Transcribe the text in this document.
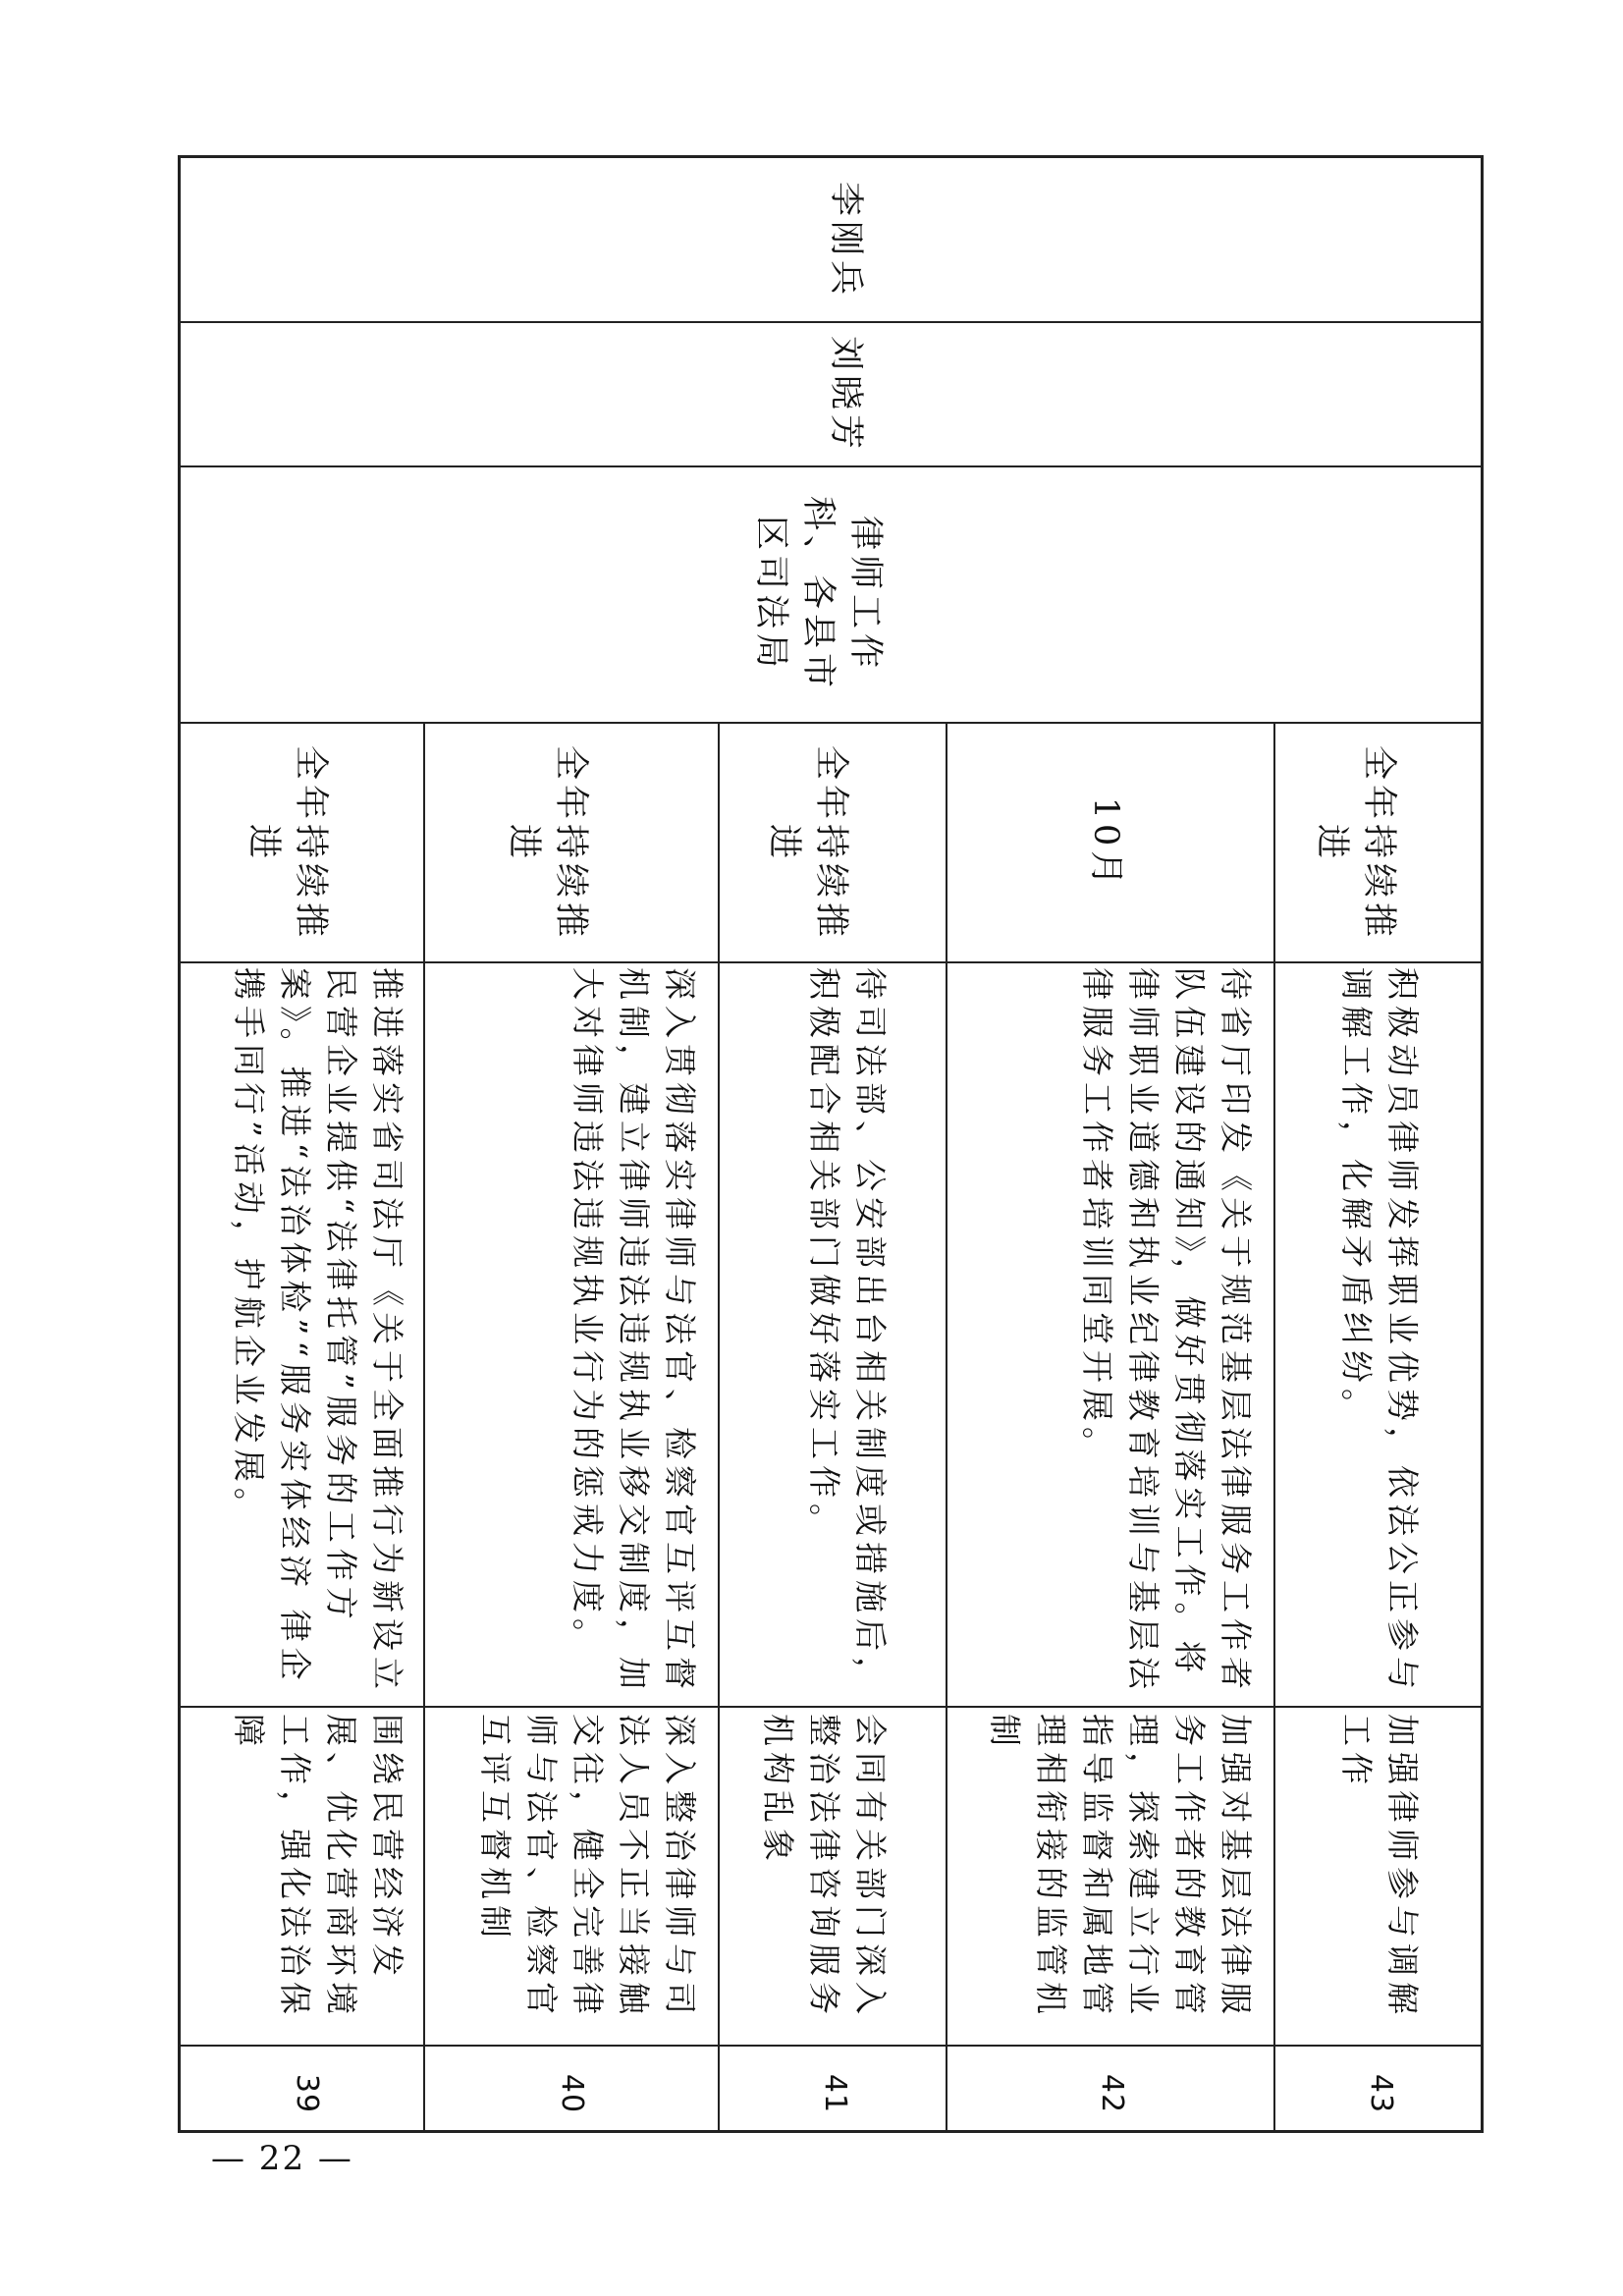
李刚兵
刘晓芳
律师工作科、各县市区司法局
全年持续推进
推进落实省司法厅《关于全面推行为新设立民营企业提供“法律托管”服务的工作方案》。推进“法治体检”“服务实体经济 律企携手同行”活动，护航企业发展。
围绕民营经济发展、优化营商环境工作，强化法治保障
39
全年持续推进
深入贯彻落实律师与法官、检察官互评互督机制，建立律师违法违规执业移交制度，加大对律师违法违规执业行为的惩戒力度。
深入整治律师与司法人员不正当接触交往，健全完善律师与法官、检察官互评互督机制
40
全年持续推进
待司法部、公安部出台相关制度或措施后，积极配合相关部门做好落实工作。
会同有关部门深入整治法律咨询服务机构乱象
41
10月
待省厅印发《关于规范基层法律服务工作者队伍建设的通知》，做好贯彻落实工作。将律师职业道德和执业纪律教育培训与基层法律服务工作者培训同堂开展。
加强对基层法律服务工作者的教育管理，探索建立行业指导监督和属地管理相衔接的监管机制
42
全年持续推进
积极动员律师发挥职业优势，依法公正参与调解工作，化解矛盾纠纷。
加强律师参与调解工作
43
— 22 —
